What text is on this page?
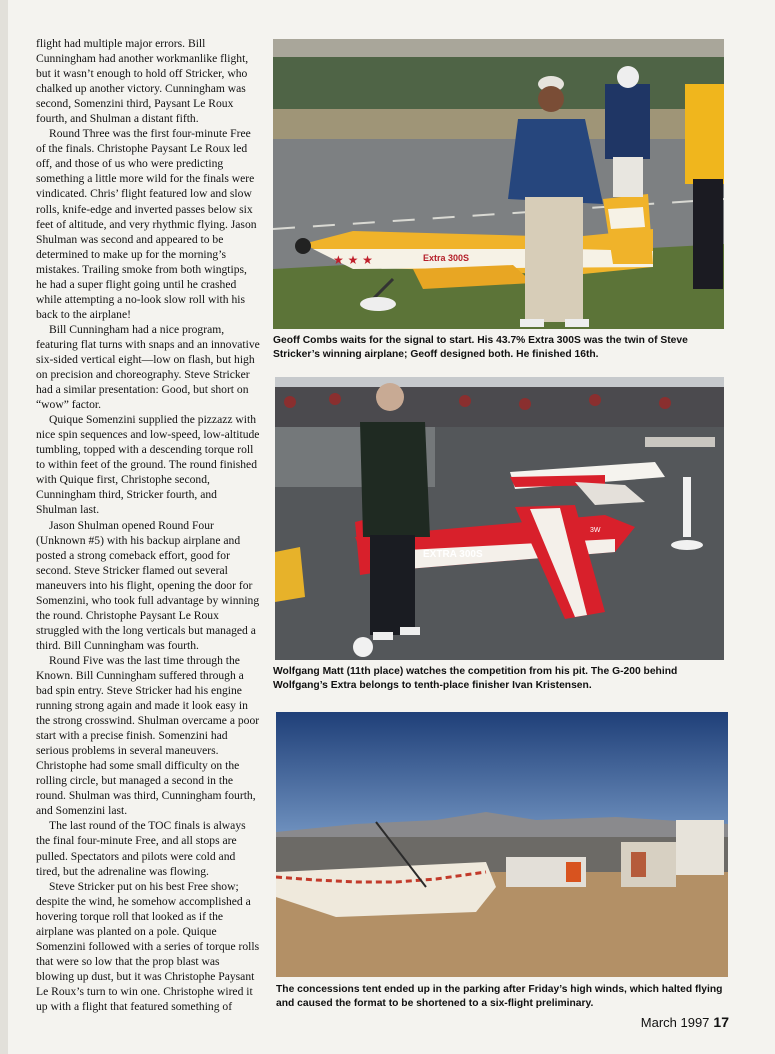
flight had multiple major errors. Bill Cunningham had another workmanlike flight, but it wasn’t enough to hold off Stricker, who chalked up another victory. Cunningham was second, Somenzini third, Paysant Le Roux fourth, and Shulman a distant fifth.

Round Three was the first four-minute Free of the finals. Christophe Paysant Le Roux led off, and those of us who were predicting something a little more wild for the finals were vindicated. Chris’ flight featured low and slow rolls, knife-edge and inverted passes below six feet of altitude, and very rhythmic flying. Jason Shulman was second and appeared to be determined to make up for the morning’s mistakes. Trailing smoke from both wingtips, he had a super flight going until he crashed while attempting a no-look slow roll with his back to the airplane!

Bill Cunningham had a nice program, featuring flat turns with snaps and an innovative six-sided vertical eight—low on flash, but high on precision and choreography. Steve Stricker had a similar presentation: Good, but short on “wow” factor.

Quique Somenzini supplied the pizzazz with nice spin sequences and low-speed, low-altitude tumbling, topped with a descending torque roll to within feet of the ground. The round finished with Quique first, Christophe second, Cunningham third, Stricker fourth, and Shulman last.

Jason Shulman opened Round Four (Unknown #5) with his backup airplane and posted a strong comeback effort, good for second. Steve Stricker flamed out several maneuvers into his flight, opening the door for Somenzini, who took full advantage by winning the round. Christophe Paysant Le Roux struggled with the long verticals but managed a third. Bill Cunningham was fourth.

Round Five was the last time through the Known. Bill Cunningham suffered through a bad spin entry. Steve Stricker had his engine running strong again and made it look easy in the strong crosswind. Shulman overcame a poor start with a precise finish. Somenzini had serious problems in several maneuvers. Christophe had some small difficulty on the rolling circle, but managed a second in the round. Shulman was third, Cunningham fourth, and Somenzini last.

The last round of the TOC finals is always the final four-minute Free, and all stops are pulled. Spectators and pilots were cold and tired, but the adrenaline was flowing.

Steve Stricker put on his best Free show; despite the wind, he somehow accomplished a hovering torque roll that looked as if the airplane was planted on a pole. Quique Somenzini followed with a series of torque rolls that were so low that the prop blast was blowing up dust, but it was Christophe Paysant Le Roux’s turn to win one. Christophe wired it up with a flight that featured something of

Extra 300S
★ ★ ★
Geoff Combs waits for the signal to start. His 43.7% Extra 300S was the twin of Steve Stricker’s winning airplane; Geoff designed both. He finished 16th.
EXTRA 300S
3W
Wolfgang Matt (11th place) watches the competition from his pit. The G-200 behind Wolfgang’s Extra belongs to tenth-place finisher Ivan Kristensen.
The concessions tent ended up in the parking after Friday’s high winds, which halted flying and caused the format to be shortened to a six-flight preliminary.
March 1997 17
